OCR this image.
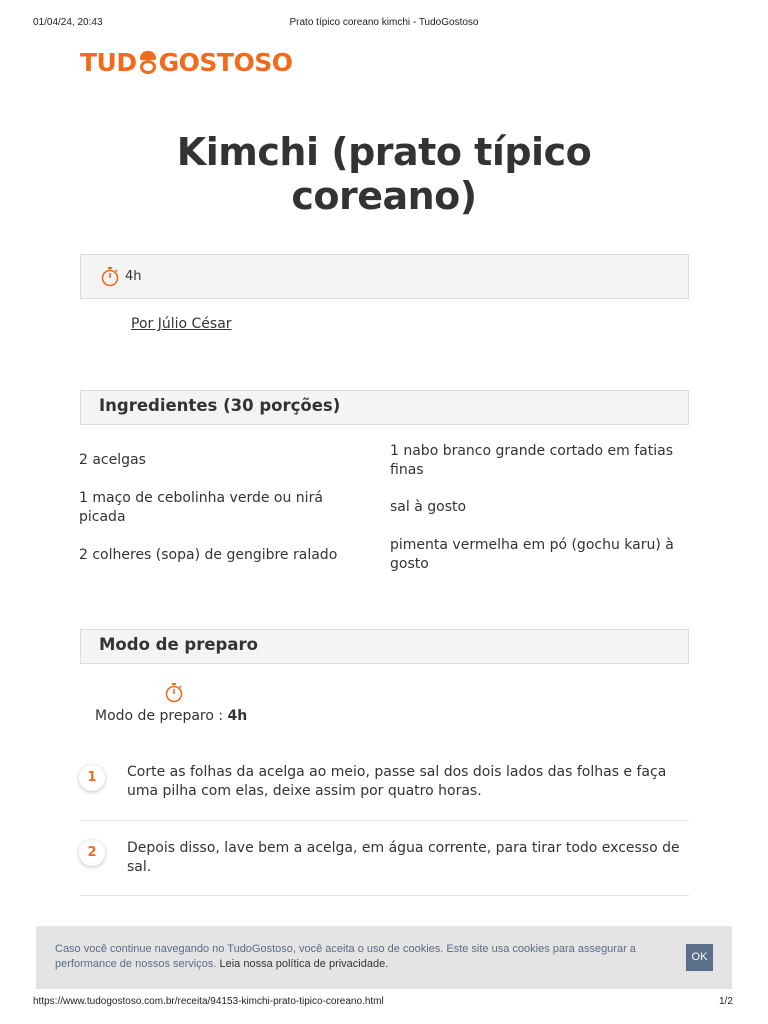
01/04/24, 20:43	Prato típico coreano kimchi - TudoGostoso
TUD GOSTOSO
Kimchi (prato típico coreano)
4h
Por Júlio César
Ingredientes (30 porções)
2 acelgas
1 maço de cebolinha verde ou nirá picada
2 colheres (sopa) de gengibre ralado
1 nabo branco grande cortado em fatias finas
sal à gosto
pimenta vermelha em pó (gochu karu) à gosto
Modo de preparo
Modo de preparo : 4h
1	Corte as folhas da acelga ao meio, passe sal dos dois lados das folhas e faça uma pilha com elas, deixe assim por quatro horas.
2	Depois disso, lave bem a acelga, em água corrente, para tirar todo excesso de sal.
Caso você continue navegando no TudoGostoso, você aceita o uso de cookies. Este site usa cookies para assegurar a performance de nossos serviços. Leia nossa política de privacidade.
OK
https://www.tudogostoso.com.br/receita/94153-kimchi-prato-tipico-coreano.html	1/2
